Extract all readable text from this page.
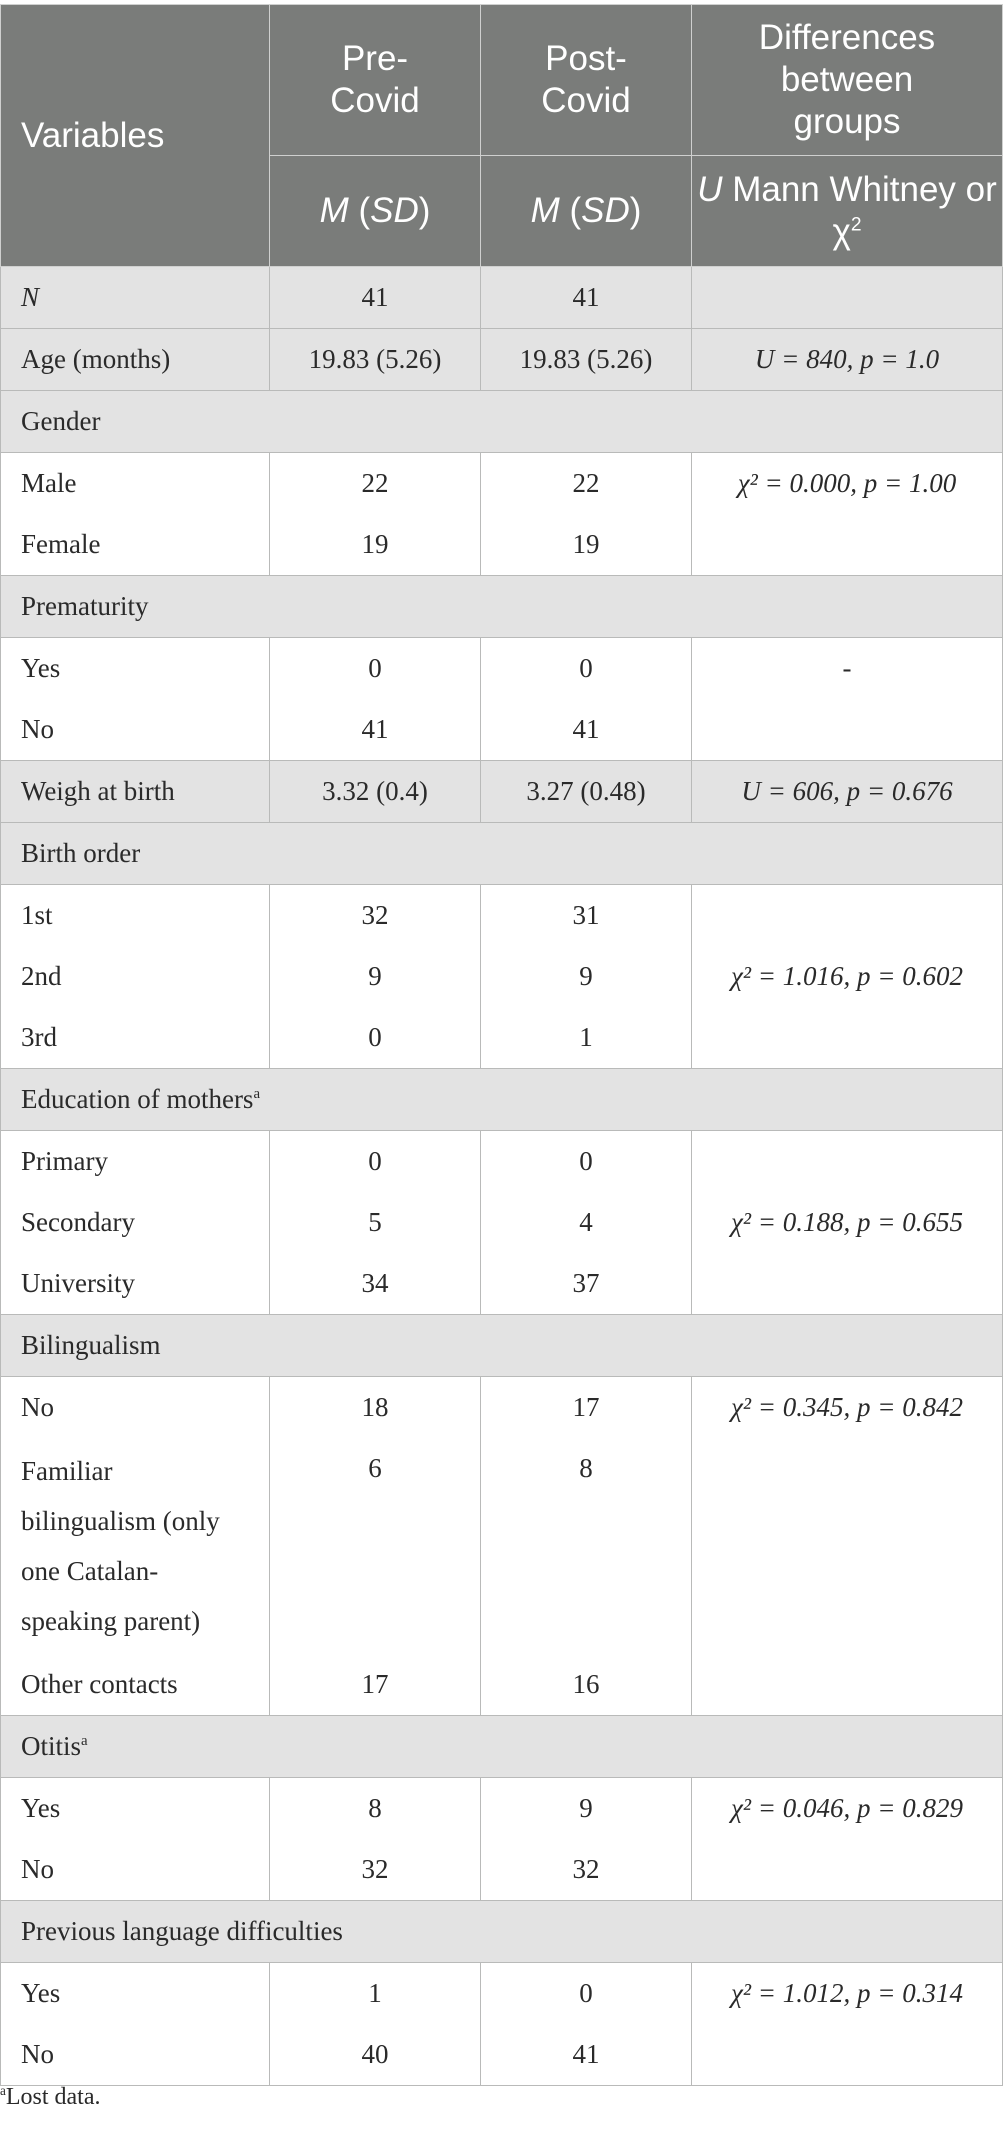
Variables	Pre-Covid	Post-Covid	Differences between groups
	M (SD)	M (SD)	U Mann Whitney or $\chi^2$
N	41	41	
Age (months)	19.83 (5.26)	19.83 (5.26)	U = 840, p = 1.0
Gender			
Male	22	22	χ² = 0.000, p = 1.00
Female	19	19	
Prematurity			
Yes	0	0	-
No	41	41	
Weigh at birth	3.32 (0.4)	3.27 (0.48)	U = 606, p = 0.676
Birth order			
1st	32	31	χ² = 1.016, p = 0.602
2nd	9	9	
3rd	0	1	
Education of mothers$^a$
Primary	0	0	χ² = 0.188, p = 0.655
Secondary	5	4	
University	34	37	
Bilingualism			
No	18	17	χ² = 0.345, p = 0.842
Familiar bilingualism (only one Catalan-speaking parent)	6	8	
Other contacts	17	16	
Otitis$^a$
Yes	8	9	χ² = 0.046, p = 0.829
No	32	32	
Previous language difficulties			
Yes	1	0	χ² = 1.012, p = 0.314
No	40	41	
$^a$Lost data.
